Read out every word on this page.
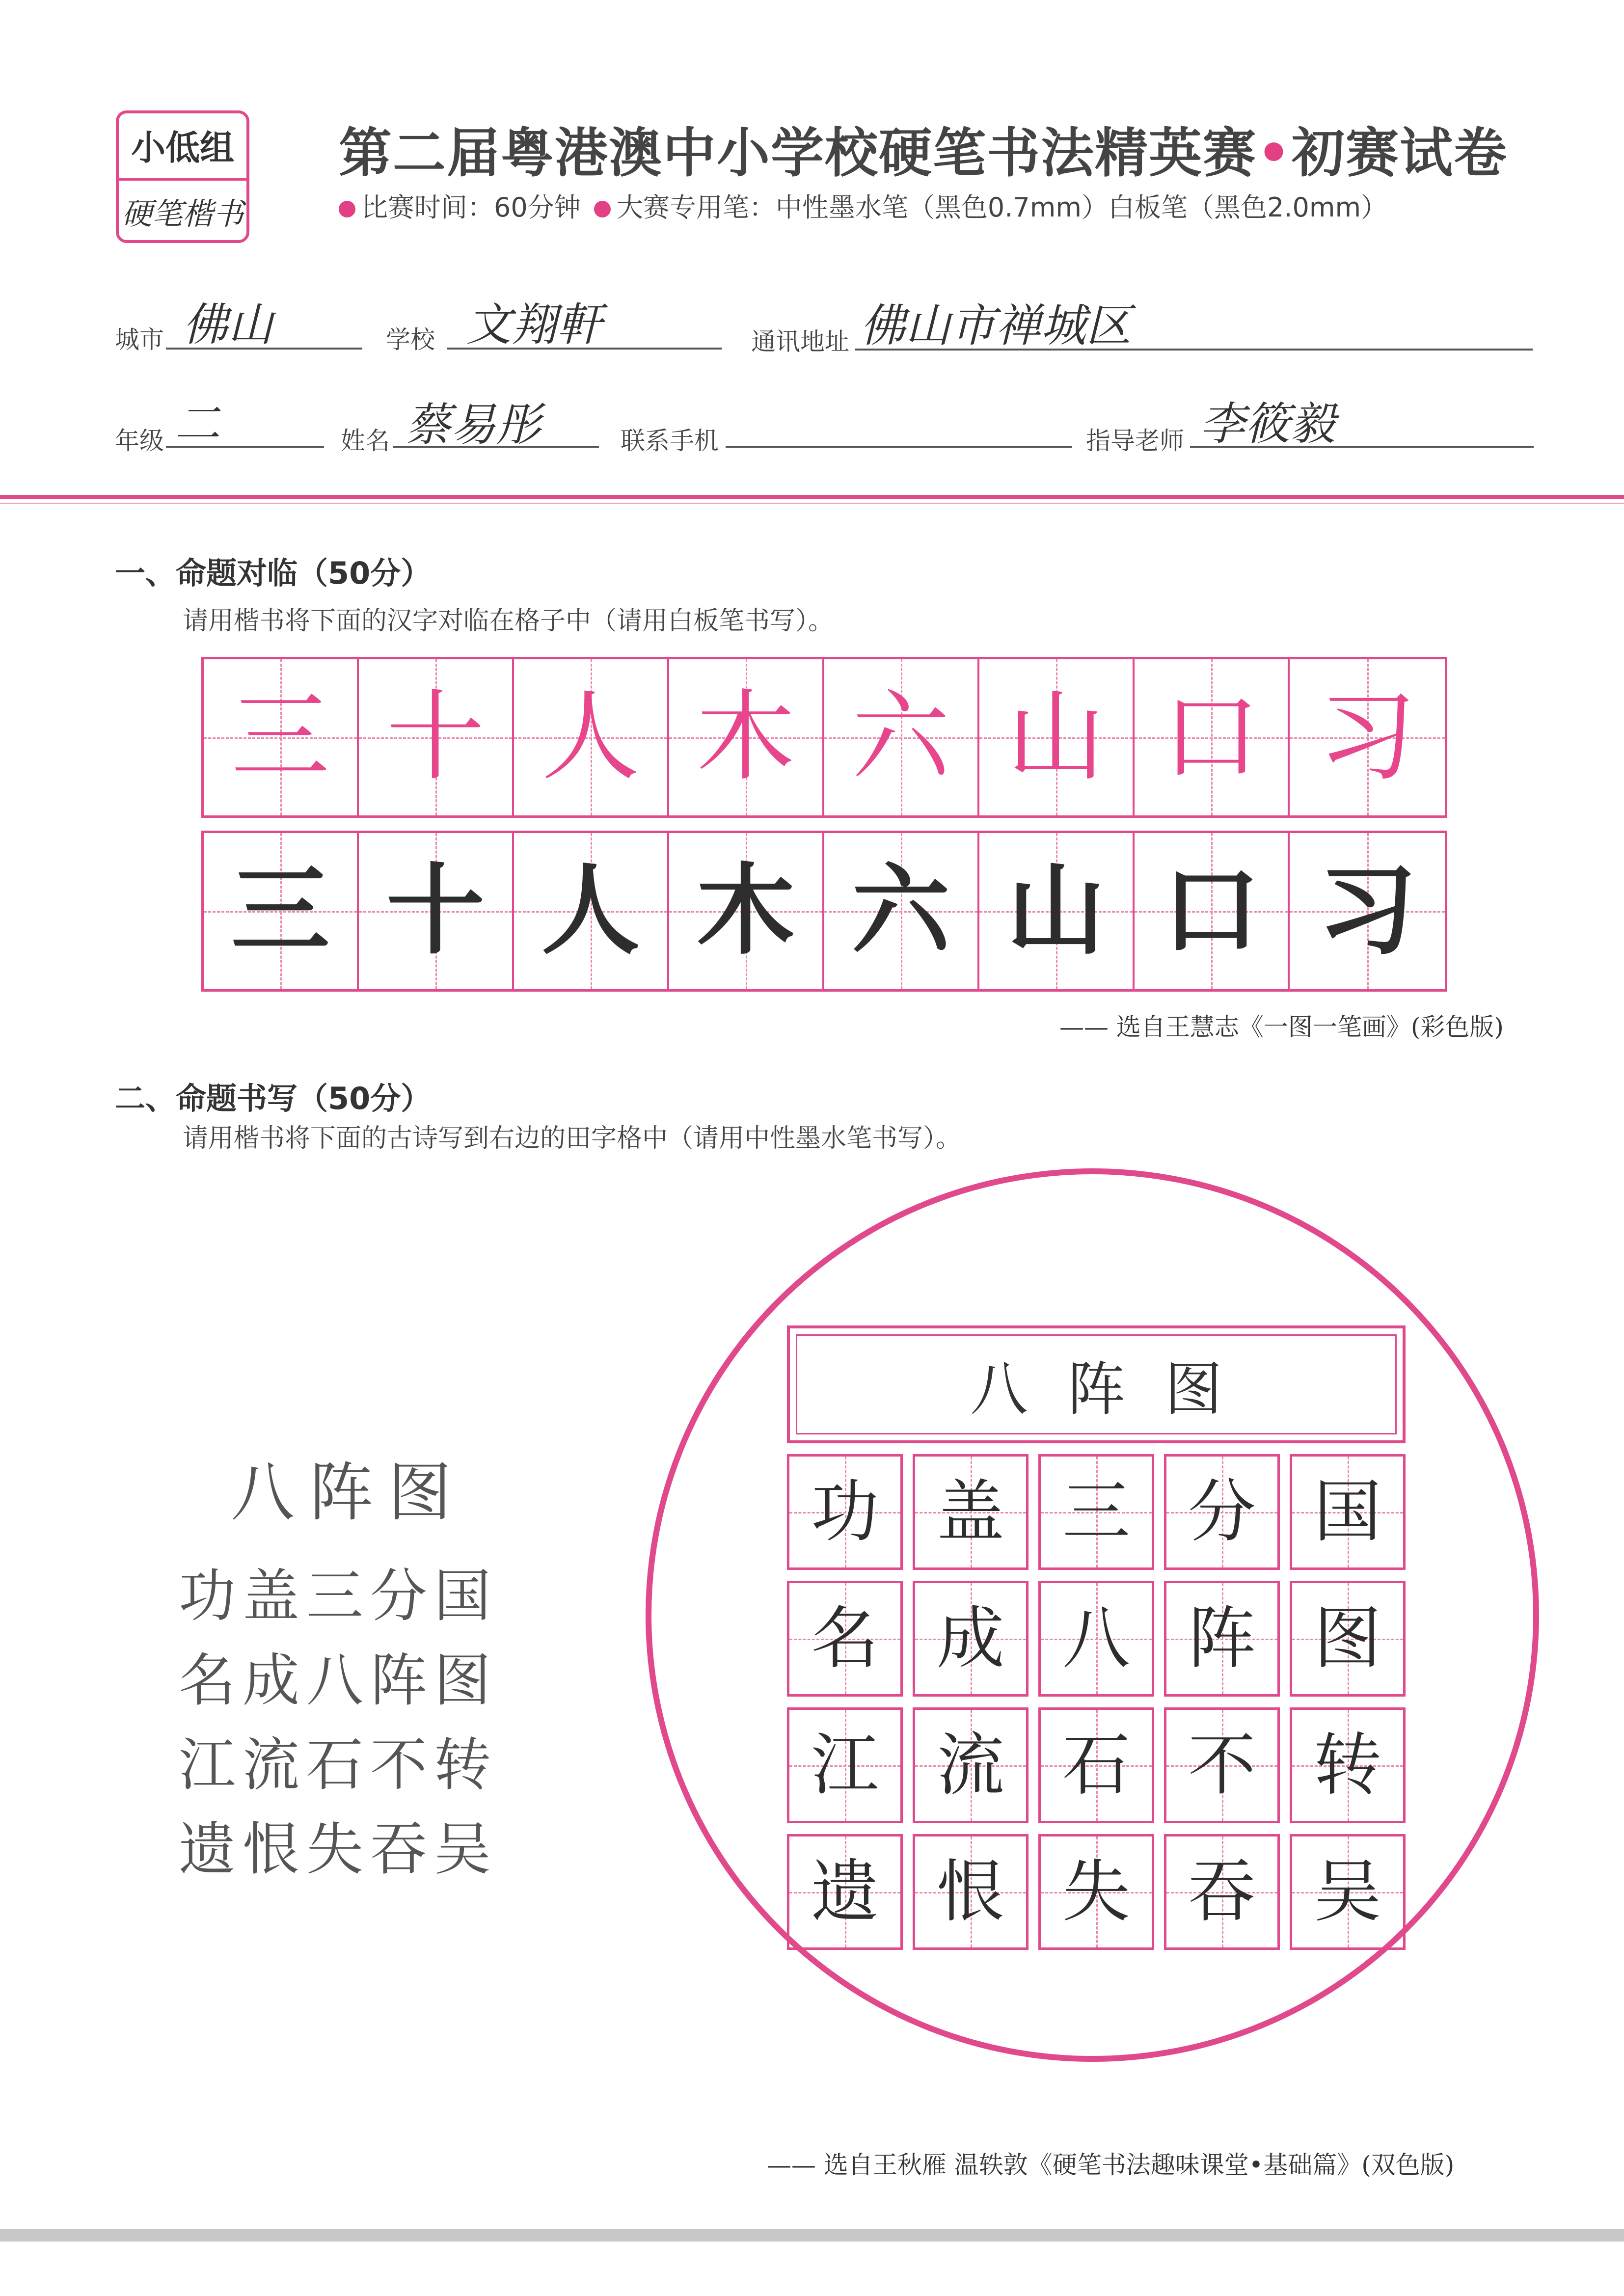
小低组
硬笔楷书
第二届粤港澳中小学校硬笔书法精英赛•初赛试卷
比赛时间：60分钟 大赛专用笔：中性墨水笔（黑色0.7mm）白板笔（黑色2.0mm）
城市 佛山	学校 文翔軒	通讯地址 佛山市禅城区
年级 二	姓名 蔡易彤	联系手机	指导老师 李筱毅
一、命题对临（50分）
请用楷书将下面的汉字对临在格子中（请用白板笔书写）。
三 十 人 木 六 山 口 习
三 十 人 木 六 山 口 习
—— 选自王慧志《一图一笔画》(彩色版)
二、命题书写（50分）
请用楷书将下面的古诗写到右边的田字格中（请用中性墨水笔书写）。
八阵图
功盖三分国
名成八阵图
江流石不转
遗恨失吞吴
八阵图
功 盖 三 分 国
名 成 八 阵 图
江 流 石 不 转
遗 恨 失 吞 吴
—— 选自王秋雁 温轶敦《硬笔书法趣味课堂•基础篇》(双色版)
